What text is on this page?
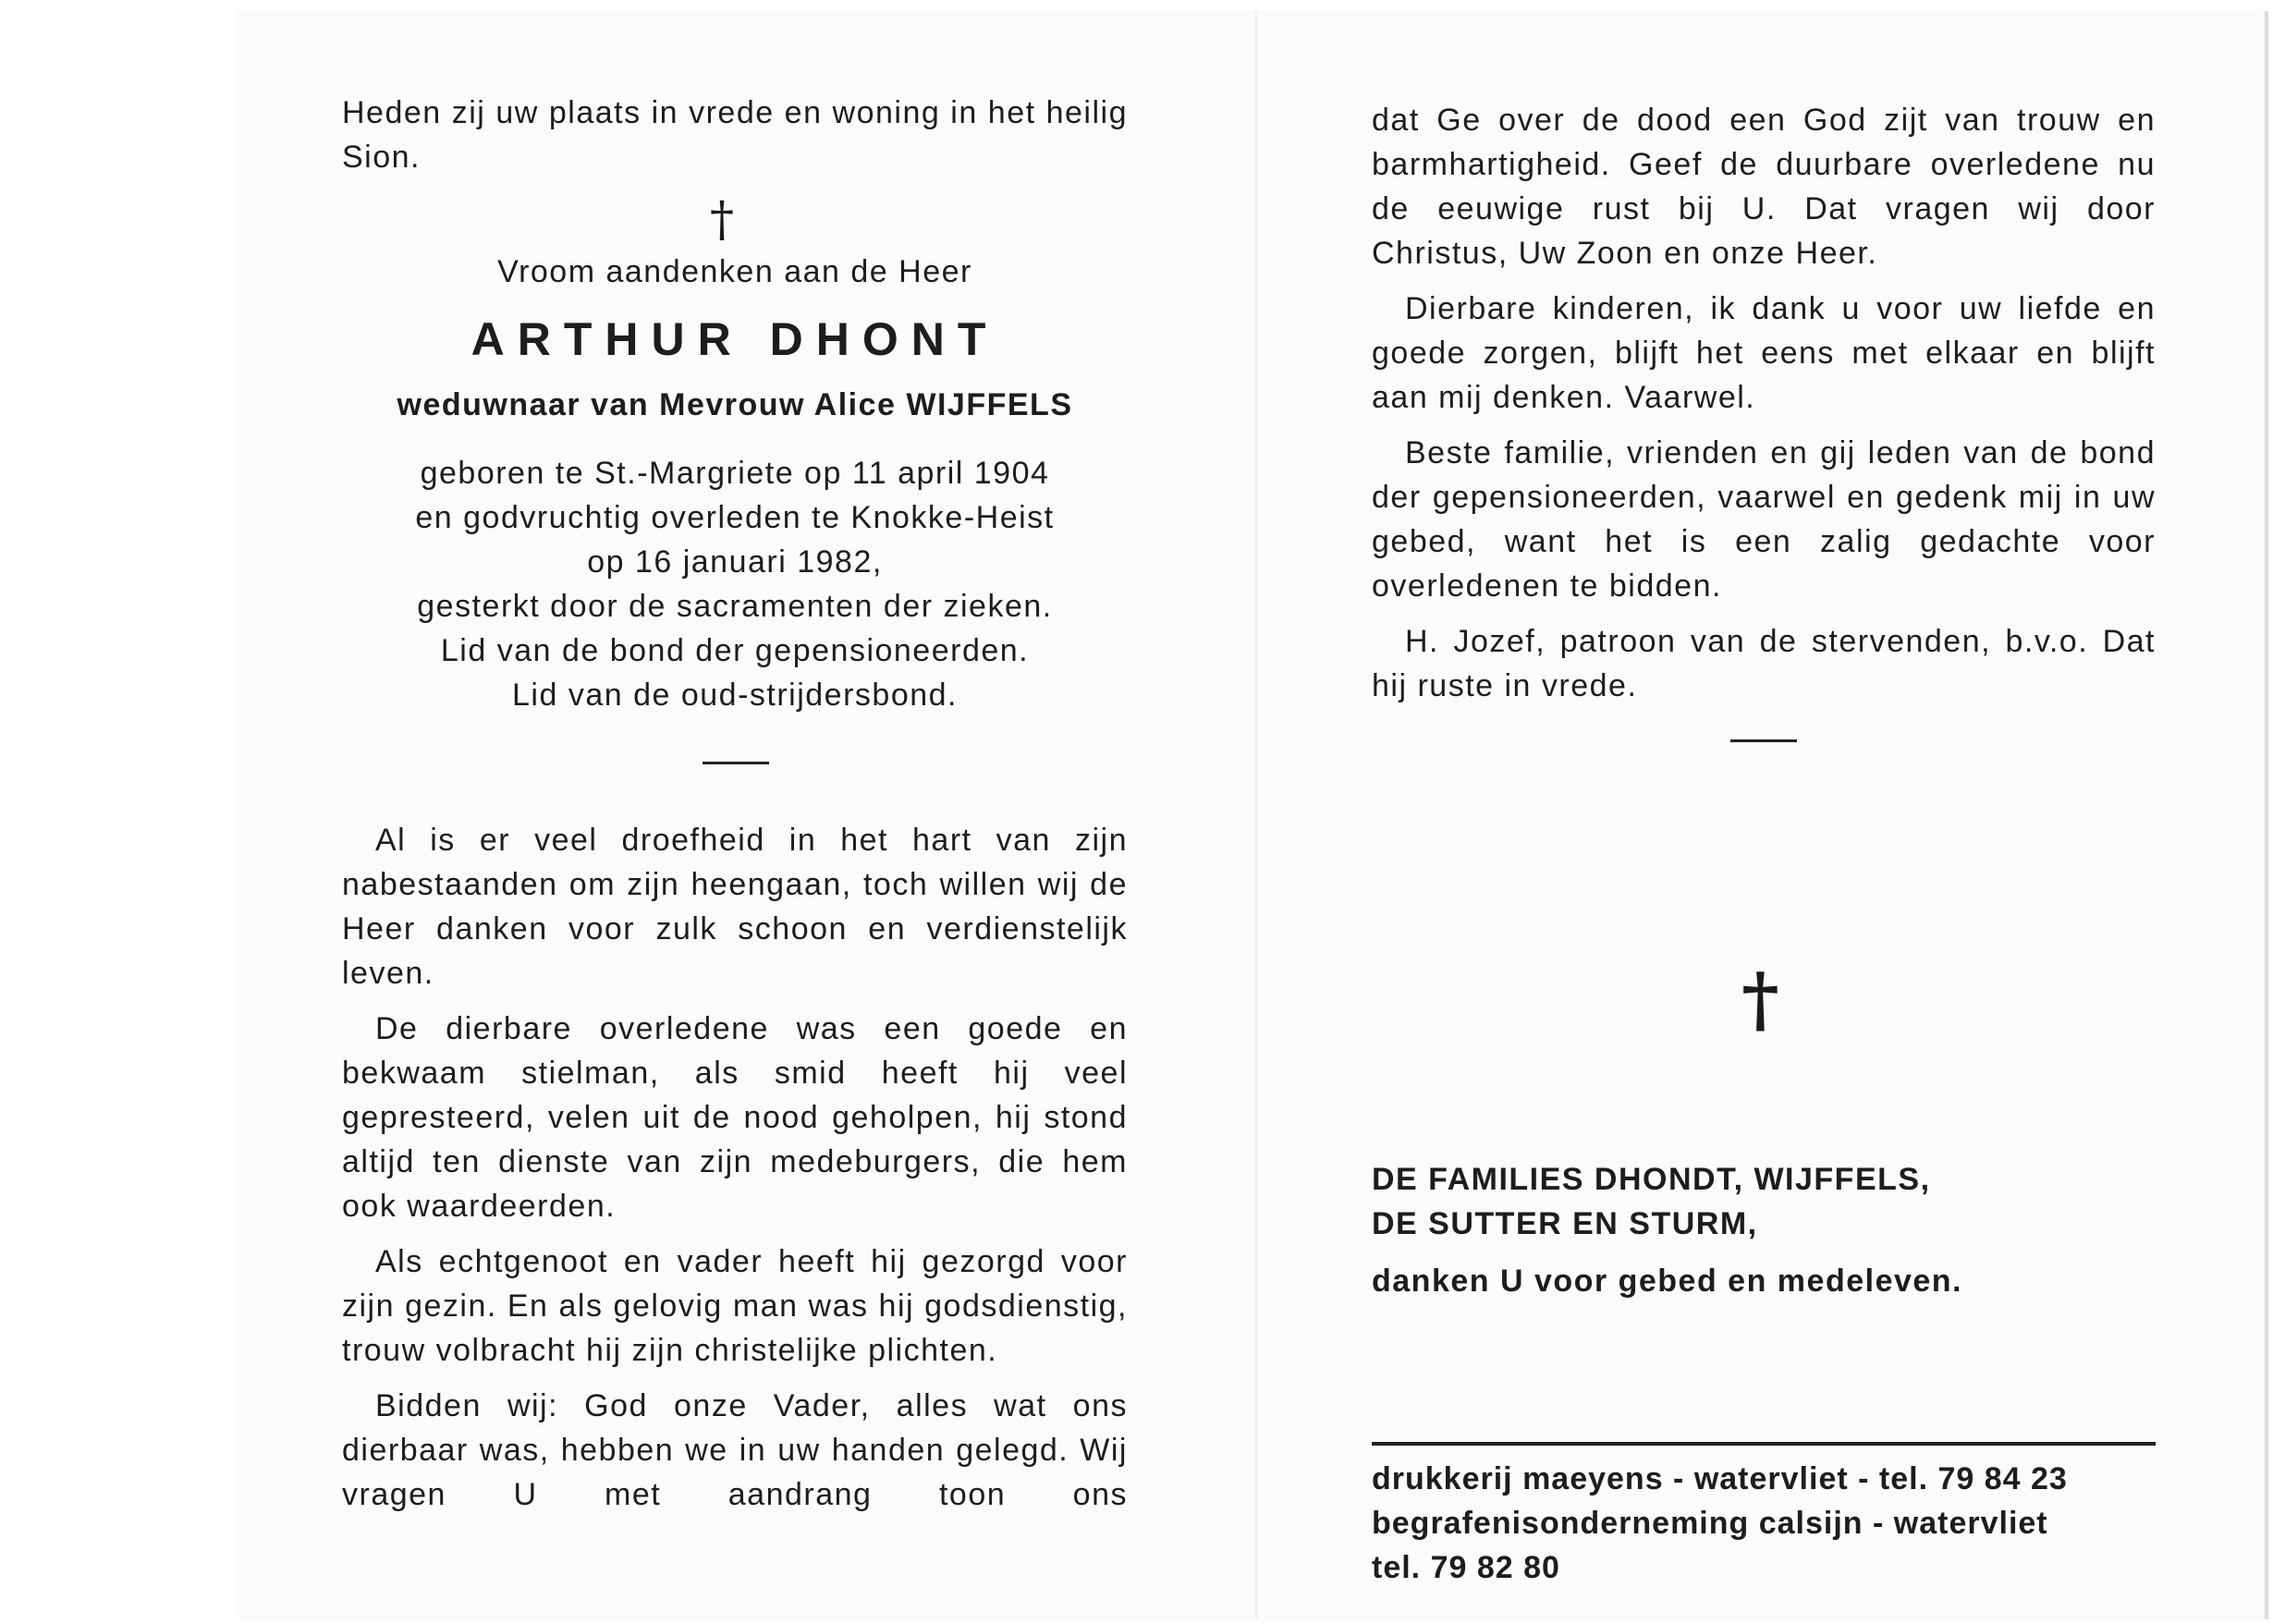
Heden zij uw plaats in vrede en woning in het heilig Sion.

†

Vroom aandenken aan de Heer

ARTHUR DHONT

weduwnaar van Mevrouw Alice WIJFFELS

geboren te St.-Margriete op 11 april 1904
en godvruchtig overleden te Knokke-Heist
op 16 januari 1982,
gesterkt door de sacramenten der zieken.
Lid van de bond der gepensioneerden.
Lid van de oud-strijdersbond.

Al is er veel droefheid in het hart van zijn nabestaanden om zijn heengaan, toch willen wij de Heer danken voor zulk schoon en verdienstelijk leven.

De dierbare overledene was een goede en bekwaam stielman, als smid heeft hij veel gepresteerd, velen uit de nood geholpen, hij stond altijd ten dienste van zijn medeburgers, die hem ook waardeerden.

Als echtgenoot en vader heeft hij gezorgd voor zijn gezin. En als gelovig man was hij godsdienstig, trouw volbracht hij zijn christelijke plichten.

Bidden wij: God onze Vader, alles wat ons dierbaar was, hebben we in uw handen gelegd. Wij vragen U met aandrang toon ons

dat Ge over de dood een God zijt van trouw en barmhartigheid. Geef de duurbare overledene nu de eeuwige rust bij U. Dat vragen wij door Christus, Uw Zoon en onze Heer.

Dierbare kinderen, ik dank u voor uw liefde en goede zorgen, blijft het eens met elkaar en blijft aan mij denken. Vaarwel.

Beste familie, vrienden en gij leden van de bond der gepensioneerden, vaarwel en gedenk mij in uw gebed, want het is een zalig gedachte voor overledenen te bidden.

H. Jozef, patroon van de stervenden, b.v.o. Dat hij ruste in vrede.

†
DE FAMILIES DHONDT, WIJFFELS,
DE SUTTER EN STURM,

danken U voor gebed en medeleven.

drukkerij maeyens - watervliet - tel. 79 84 23
begrafenisonderneming calsijn - watervliet
tel. 79 82 80
